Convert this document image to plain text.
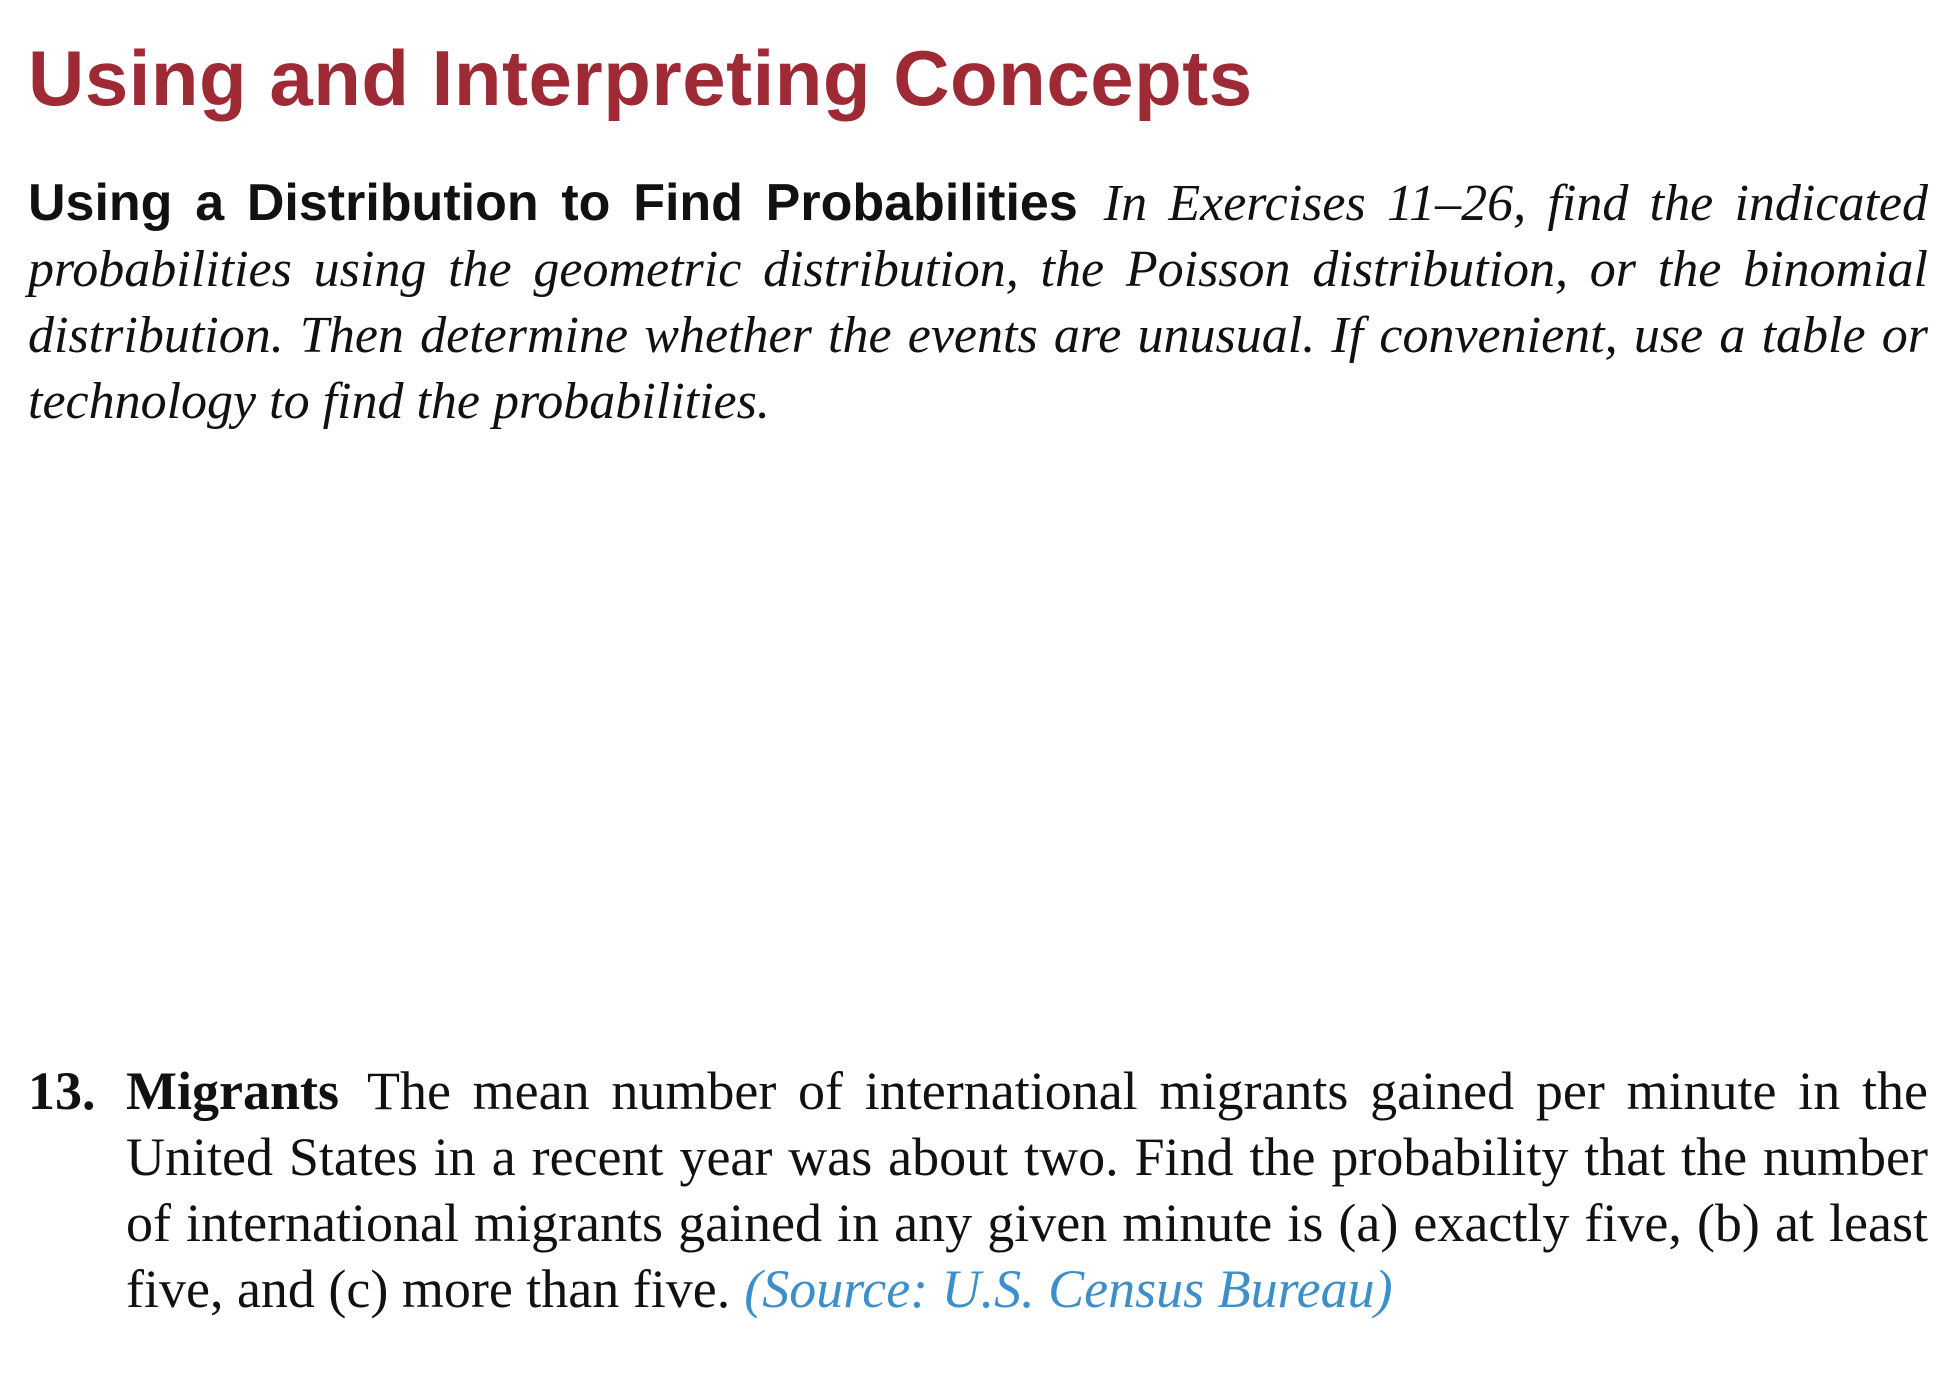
Using and Interpreting Concepts

Using a Distribution to Find Probabilities In Exercises 11–26, find the indicated probabilities using the geometric distribution, the Poisson distribution, or the binomial distribution. Then determine whether the events are unusual. If convenient, use a table or technology to find the probabilities.

13. Migrants The mean number of international migrants gained per minute in the United States in a recent year was about two. Find the probability that the number of international migrants gained in any given minute is (a) exactly five, (b) at least five, and (c) more than five. (Source: U.S. Census Bureau)
